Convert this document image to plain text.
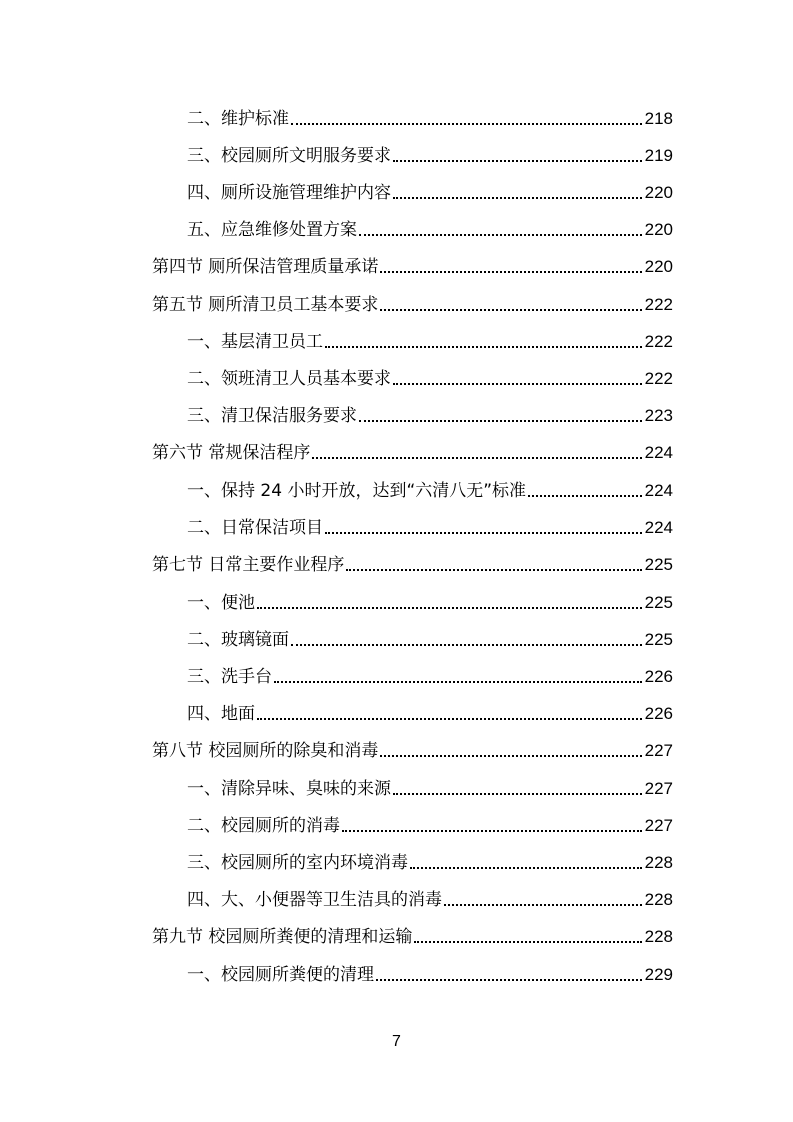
二、维护标准	218
三、校园厕所文明服务要求	219
四、厕所设施管理维护内容	220
五、应急维修处置方案	220
第四节 厕所保洁管理质量承诺	220
第五节 厕所清卫员工基本要求	222
一、基层清卫员工	222
二、领班清卫人员基本要求	222
三、清卫保洁服务要求	223
第六节 常规保洁程序	224
一、保持 24 小时开放，达到“六清八无”标准	224
二、日常保洁项目	224
第七节 日常主要作业程序	225
一、便池	225
二、玻璃镜面	225
三、洗手台	226
四、地面	226
第八节 校园厕所的除臭和消毒	227
一、清除异味、臭味的来源	227
二、校园厕所的消毒	227
三、校园厕所的室内环境消毒	228
四、大、小便器等卫生洁具的消毒	228
第九节 校园厕所粪便的清理和运输	228
一、校园厕所粪便的清理	229
7
